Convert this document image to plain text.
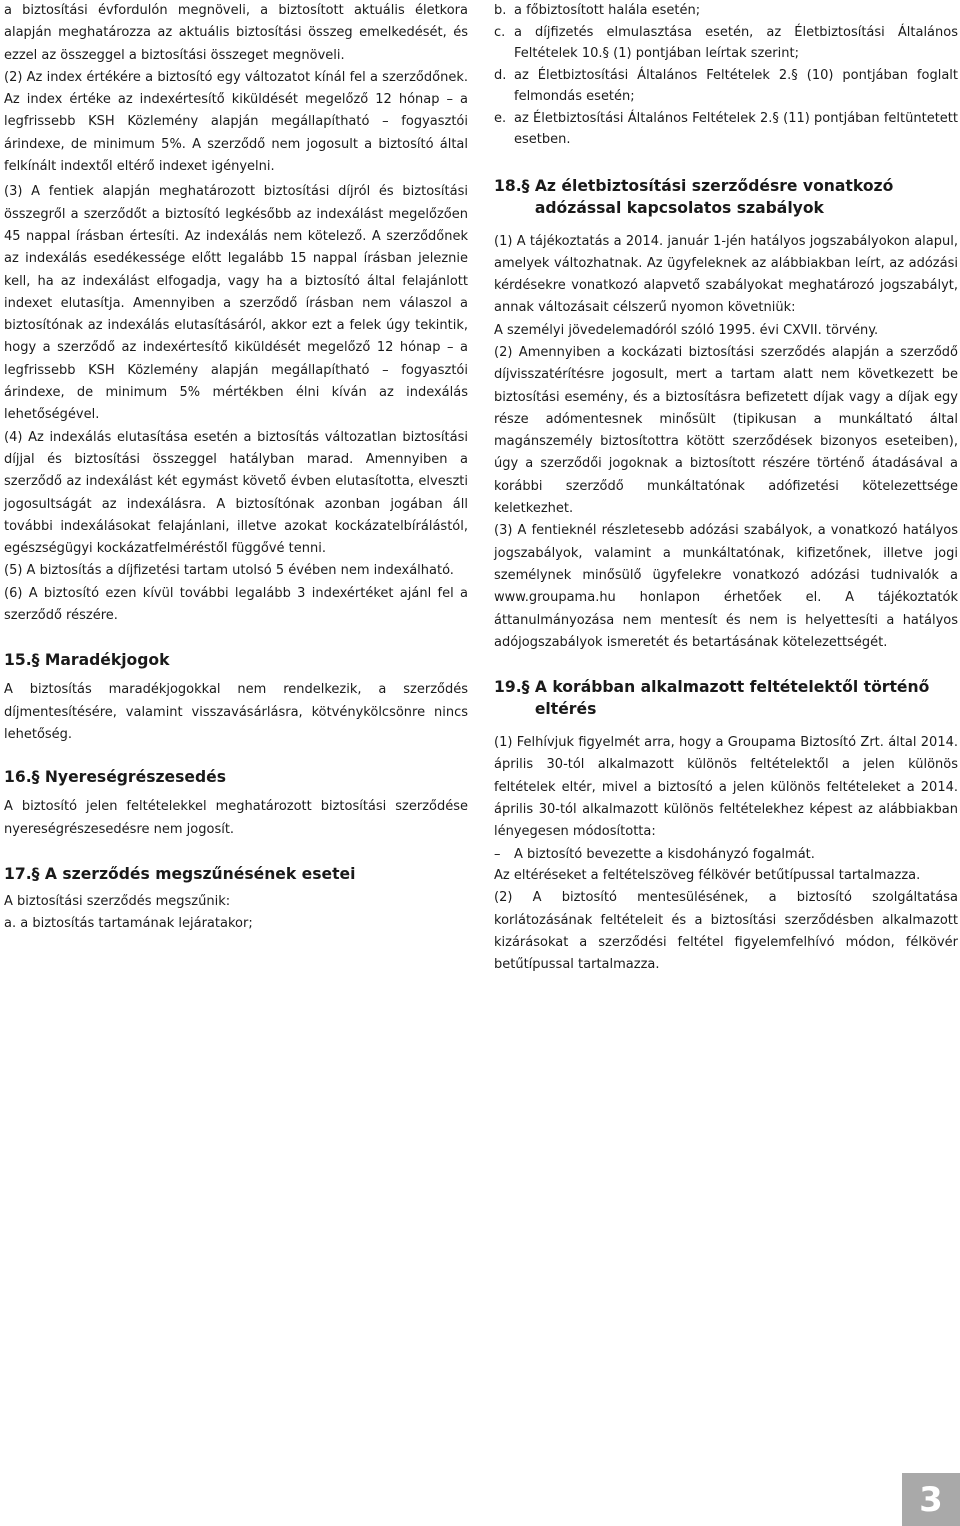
a biztosítási évfordulón megnöveli, a biztosított aktuális életkora alapján meghatározza az aktuális biztosítási összeg emelkedését, és ezzel az összeggel a biztosítási összeget megnöveli.

(2) Az index értékére a biztosító egy változatot kínál fel a szerződőnek. Az index értéke az indexértesítő kiküldését megelőző 12 hónap – a legfrissebb KSH Közlemény alapján megállapítható – fogyasztói árindexe, de minimum 5%. A szerződő nem jogosult a biztosító által felkínált indextől eltérő indexet igényelni.

(3) A fentiek alapján meghatározott biztosítási díjról és biztosítási összegről a szerződőt a biztosító legkésőbb az indexálást megelőzően 45 nappal írásban értesíti. Az indexálás nem kötelező. A szerződőnek az indexálás esedékessége előtt legalább 15 nappal írásban jeleznie kell, ha az indexálást elfogadja, vagy ha a biztosító által felajánlott indexet elutasítja. Amennyiben a szerződő írásban nem válaszol a biztosítónak az indexálás elutasításáról, akkor ezt a felek úgy tekintik, hogy a szerződő az indexértesítő kiküldését megelőző 12 hónap – a legfrissebb KSH Közlemény alapján megállapítható – fogyasztói árindexe, de minimum 5% mértékben élni kíván az indexálás lehetőségével.

(4) Az indexálás elutasítása esetén a biztosítás változatlan biztosítási díjjal és biztosítási összeggel hatályban marad. Amennyiben a szerződő az indexálást két egymást követő évben elutasította, elveszti jogosultságát az indexálásra. A biztosítónak azonban jogában áll további indexálásokat felajánlani, illetve azokat kockázatelbírálástól, egészségügyi kockázatfelméréstől függővé tenni.

(5) A biztosítás a díjfizetési tartam utolsó 5 évében nem indexálható.

(6) A biztosító ezen kívül további legalább 3 indexértéket ajánl fel a szerződő részére.

15.§ Maradékjogok

A biztosítás maradékjogokkal nem rendelkezik, a szerződés díjmentesítésére, valamint visszavásárlásra, kötvénykölcsönre nincs lehetőség.

16.§ Nyereségrészesedés

A biztosító jelen feltételekkel meghatározott biztosítási szerződése nyereségrészesedésre nem jogosít.

17.§ A szerződés megszűnésének esetei

A biztosítási szerződés megszűnik:

a. a biztosítás tartamának lejáratakor;

b. a főbiztosított halála esetén;
c. a díjfizetés elmulasztása esetén, az Életbiztosítási Általános Feltételek 10.§ (1) pontjában leírtak szerint;
d. az Életbiztosítási Általános Feltételek 2.§ (10) pontjában foglalt felmondás esetén;
e. az Életbiztosítási Általános Feltételek 2.§ (11) pontjában feltüntetett esetben.
18.§ Az életbiztosítási szerződésre vonatkozó adózással kapcsolatos szabályok

(1) A tájékoztatás a 2014. január 1-jén hatályos jogszabályokon alapul, amelyek változhatnak. Az ügyfeleknek az alábbiakban leírt, az adózási kérdésekre vonatkozó alapvető szabályokat meghatározó jogszabályt, annak változásait célszerű nyomon követniük:

A személyi jövedelemadóról szóló 1995. évi CXVII. törvény.

(2) Amennyiben a kockázati biztosítási szerződés alapján a szerződő díjvisszatérítésre jogosult, mert a tartam alatt nem következett be biztosítási esemény, és a biztosításra befizetett díjak vagy a díjak egy része adómentesnek minősült (tipikusan a munkáltató által magánszemély biztosítottra kötött szerződések bizonyos eseteiben), úgy a szerződői jogoknak a biztosított részére történő átadásával a korábbi szerződő munkáltatónak adófizetési kötelezettsége keletkezhet.

(3) A fentieknél részletesebb adózási szabályok, a vonatkozó hatályos jogszabályok, valamint a munkáltatónak, kifizetőnek, illetve jogi személynek minősülő ügyfelekre vonatkozó adózási tudnivalók a www.groupama.hu honlapon érhetőek el. A tájékoztatók áttanulmányozása nem mentesít és nem is helyettesíti a hatályos adójogszabályok ismeretét és betartásának kötelezettségét.

19.§ A korábban alkalmazott feltételektől történő eltérés

(1) Felhívjuk figyelmét arra, hogy a Groupama Biztosító Zrt. által 2014. április 30-tól alkalmazott különös feltételektől a jelen különös feltételek eltér, mivel a biztosító a jelen különös feltételeket a 2014. április 30-tól alkalmazott különös feltételekhez képest az alábbiakban lényegesen módosította:

–	A biztosító bevezette a kisdohányzó fogalmát.

Az eltéréseket a feltételszöveg félkövér betűtípussal tartalmazza.

(2) A biztosító mentesülésének, a biztosító szolgáltatása korlátozásának feltételeit és a biztosítási szerződésben alkalmazott kizárásokat a szerződési feltétel figyelemfelhívó módon, félkövér betűtípussal tartalmazza.

3
